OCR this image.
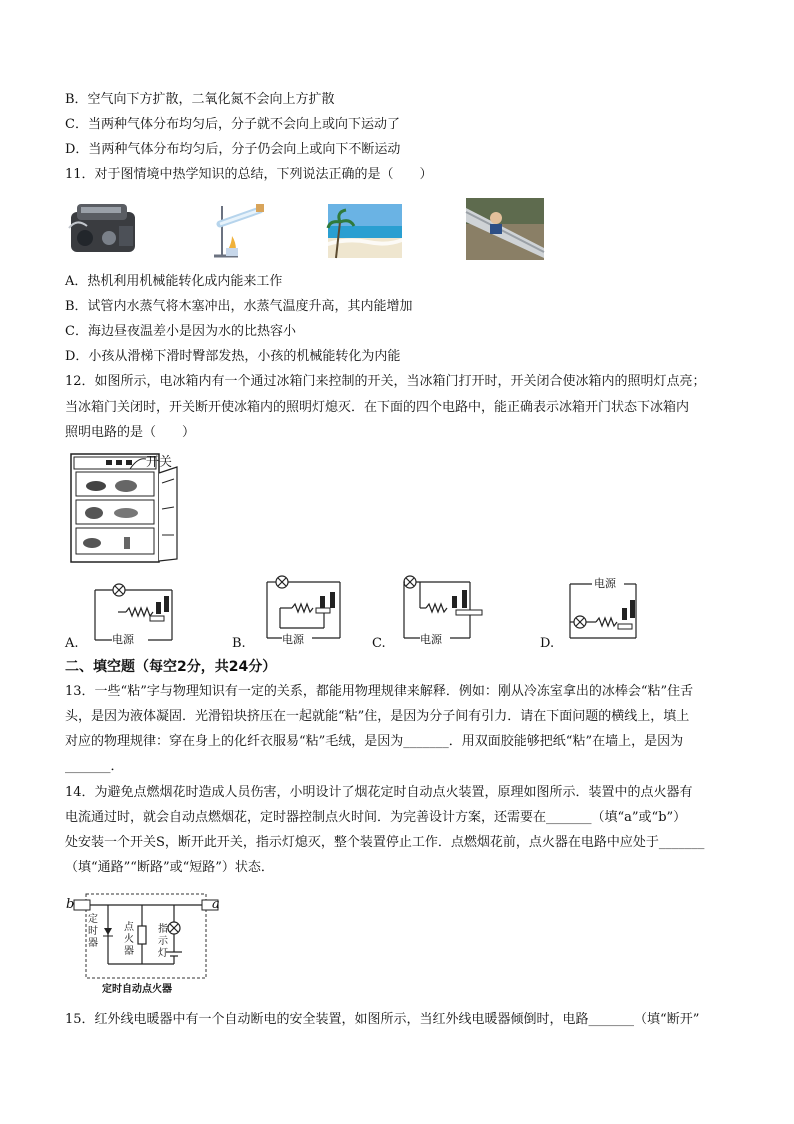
B．空气向下方扩散，二氧化氮不会向上方扩散
C．当两种气体分布均匀后，分子就不会向上或向下运动了
D．当两种气体分布均匀后，分子仍会向上或向下不断运动
11．对于图情境中热学知识的总结，下列说法正确的是（　　）
A．热机利用机械能转化成内能来工作
B．试管内水蒸气将木塞冲出，水蒸气温度升高，其内能增加
C．海边昼夜温差小是因为水的比热容小
D．小孩从滑梯下滑时臀部发热，小孩的机械能转化为内能
12．如图所示，电冰箱内有一个通过冰箱门来控制的开关，当冰箱门打开时，开关闭合使冰箱内的照明灯点亮；
当冰箱门关闭时，开关断开使冰箱内的照明灯熄灭．在下面的四个电路中，能正确表示冰箱开门状态下冰箱内
照明电路的是（　　）
开关
电源
A.	电源
B.	电源
C.
电源
D.
二、填空题（每空2分，共24分）
13．一些“粘”字与物理知识有一定的关系，都能用物理规律来解释．例如：刚从冷冻室拿出的冰棒会“粘”住舌
头，是因为液体凝固．光滑铅块挤压在一起就能“粘”住，是因为分子间有引力．请在下面问题的横线上，填上
对应的物理规律：穿在身上的化纤衣服易“粘”毛绒，是因为_______．用双面胶能够把纸“粘”在墙上，是因为
_______．
14．为避免点燃烟花时造成人员伤害，小明设计了烟花定时自动点火装置，原理如图所示．装置中的点火器有
电流通过时，就会自动点燃烟花，定时器控制点火时间．为完善设计方案，还需要在_______（填“a”或“b”）
处安装一个开关S，断开此开关，指示灯熄灭，整个装置停止工作．点燃烟花前，点火器在电路中应处于_______
（填“通路”“断路”或“短路”）状态．
b	a
定时器
点火器
指示灯
定时自动点火器
15．红外线电暖器中有一个自动断电的安全装置，如图所示，当红外线电暖器倾倒时，电路_______（填“断开”
